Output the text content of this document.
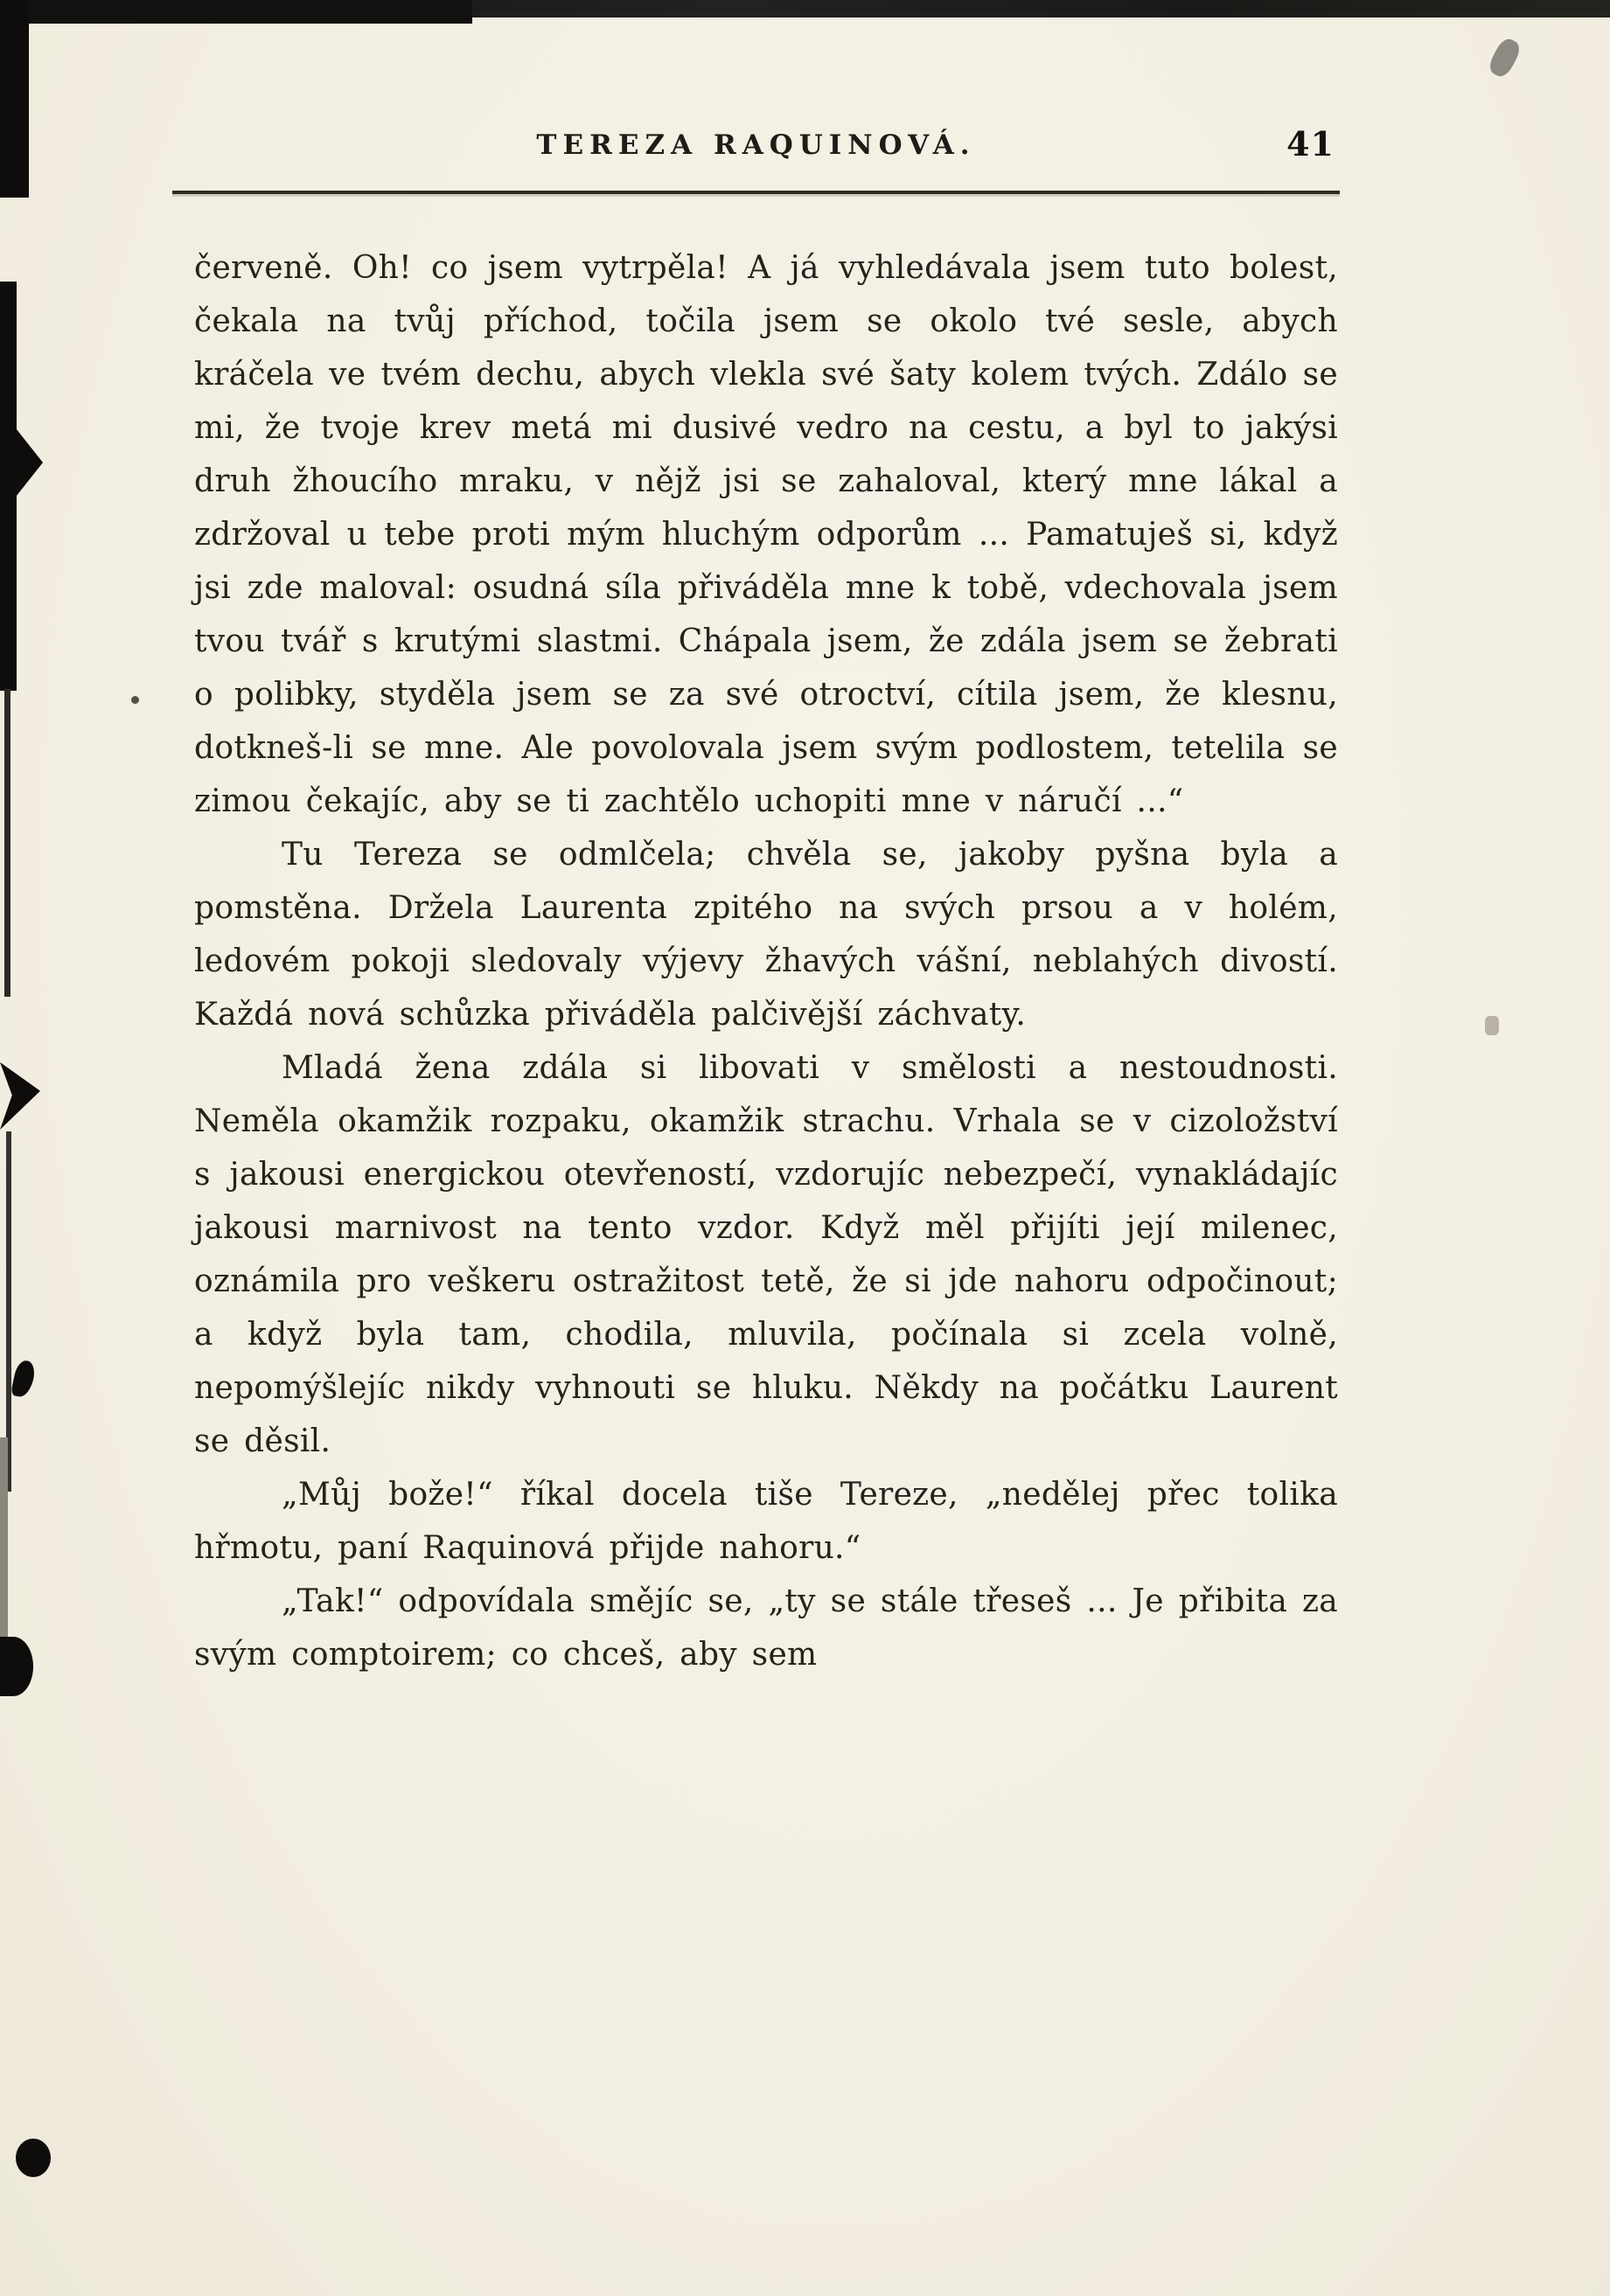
TEREZA RAQUINOVÁ.	41

červeně. Oh! co jsem vytrpěla! A já vyhledávala jsem tuto bolest, čekala na tvůj příchod, točila jsem se okolo tvé sesle, abych kráčela ve tvém dechu, abych vlekla své šaty kolem tvých. Zdálo se mi, že tvoje krev metá mi dusivé vedro na cestu, a byl to jakýsi druh žhoucího mraku, v nějž jsi se zahaloval, který mne lákal a zdržoval u tebe proti mým hluchým odporům ... Pamatuješ si, když jsi zde maloval: osudná síla přiváděla mne k tobě, vdechovala jsem tvou tvář s krutými slastmi. Chápala jsem, že zdála jsem se žebrati o polibky, styděla jsem se za své otroctví, cítila jsem, že klesnu, dotkneš-li se mne. Ale povolovala jsem svým podlostem, tetelila se zimou čekajíc, aby se ti zachtělo uchopiti mne v náručí ...“

Tu Tereza se odmlčela; chvěla se, jakoby pyšna byla a pomstěna. Držela Laurenta zpitého na svých prsou a v holém, ledovém pokoji sledovaly výjevy žhavých vášní, neblahých divostí. Každá nová schůzka přiváděla palčivější záchvaty.

Mladá žena zdála si libovati v smělosti a nestoudnosti. Neměla okamžik rozpaku, okamžik strachu. Vrhala se v cizoložství s jakousi energickou otevřeností, vzdorujíc nebezpečí, vynakládajíc jakousi marnivost na tento vzdor. Když měl přijíti její milenec, oznámila pro veškeru ostražitost tetě, že si jde nahoru odpočinout; a když byla tam, chodila, mluvila, počínala si zcela volně, nepomýšlejíc nikdy vyhnouti se hluku. Někdy na počátku Laurent se děsil.

„Můj bože!“ říkal docela tiše Tereze, „nedělej přec tolika hřmotu, paní Raquinová přijde nahoru.“

„Tak!“ odpovídala smějíc se, „ty se stále třeseš ... Je přibita za svým comptoirem; co chceš, aby sem
